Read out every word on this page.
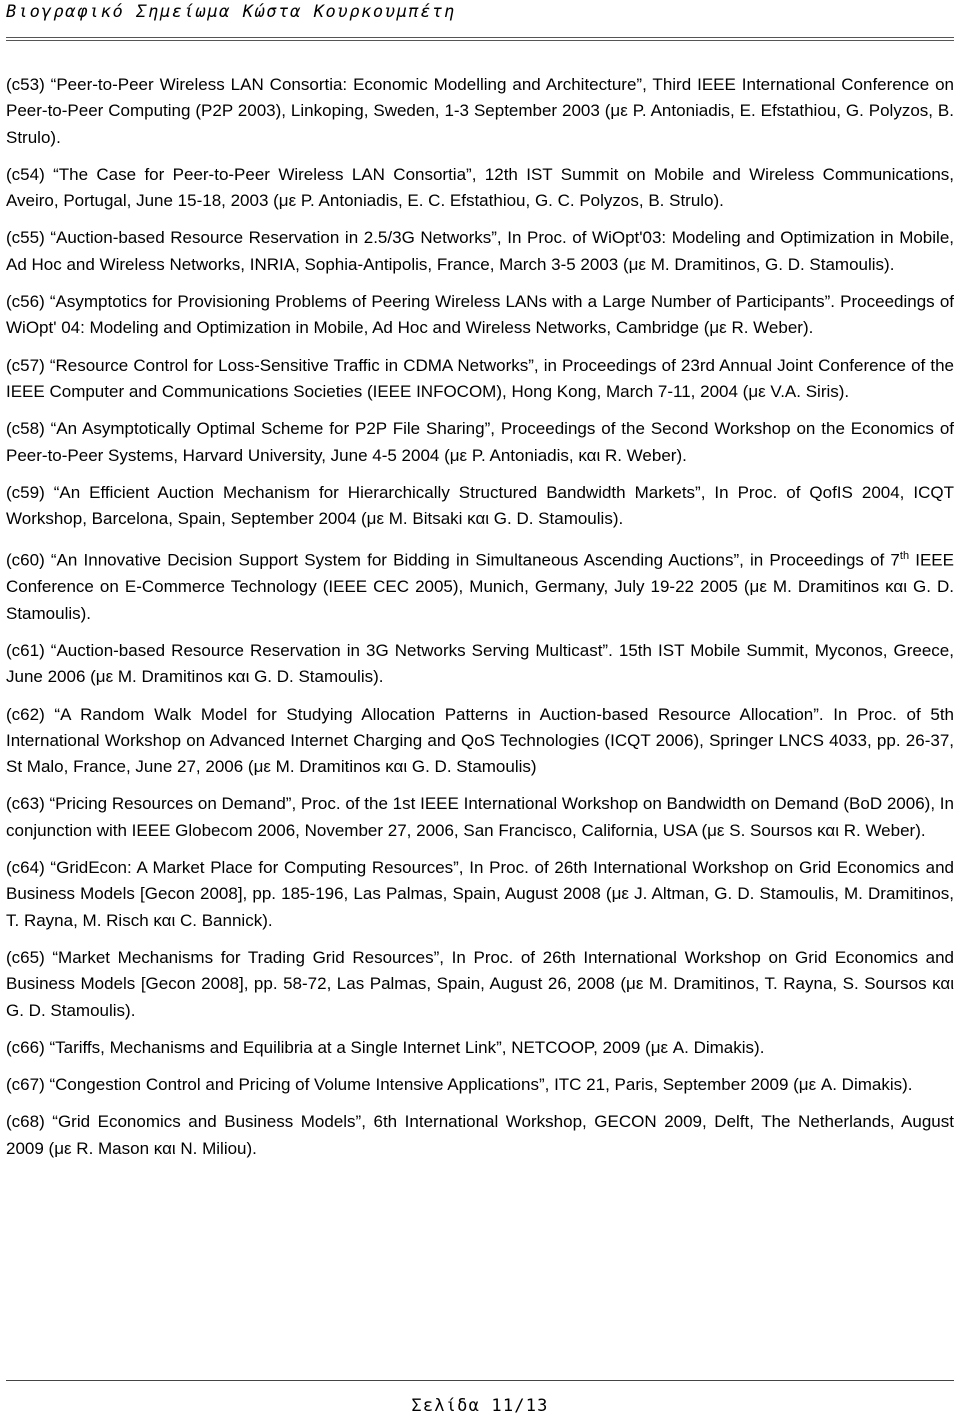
Βιογραφικό Σημείωμα Κώστα Κουρκουμπέτη

(c53) “Peer-to-Peer Wireless LAN Consortia: Economic Modelling and Architecture”, Third IEEE International Conference on Peer-to-Peer Computing (P2P 2003), Linkoping, Sweden, 1-3 September 2003 (με P. Antoniadis, E. Efstathiou, G. Polyzos, B. Strulo).

(c54) “The Case for Peer-to-Peer Wireless LAN Consortia”, 12th IST Summit on Mobile and Wireless Communications, Aveiro, Portugal, June 15-18, 2003 (με P. Antoniadis, E. C. Efstathiou, G. C. Polyzos, B. Strulo).

(c55) “Auction-based Resource Reservation in 2.5/3G Networks”, In Proc. of WiOpt'03: Modeling and Optimization in Mobile, Ad Hoc and Wireless Networks, INRIA, Sophia-Antipolis, France, March 3-5 2003 (με M. Dramitinos, G. D. Stamoulis).

(c56) “Asymptotics for Provisioning Problems of Peering Wireless LANs with a Large Number of Participants”. Proceedings of WiOpt' 04: Modeling and Optimization in Mobile, Ad Hoc and Wireless Networks, Cambridge (με R. Weber).

(c57) “Resource Control for Loss-Sensitive Traffic in CDMA Networks”, in Proceedings of 23rd Annual Joint Conference of the IEEE Computer and Communications Societies (IEEE INFOCOM), Hong Kong, March 7-11, 2004 (με V.A. Siris).

(c58) “An Asymptotically Optimal Scheme for P2P File Sharing”, Proceedings of the Second Workshop on the Economics of Peer-to-Peer Systems, Harvard University, June 4-5 2004 (με P. Antoniadis, και R. Weber).

(c59) “An Efficient Auction Mechanism for Hierarchically Structured Bandwidth Markets”, In Proc. of QofIS 2004, ICQT Workshop, Barcelona, Spain, September 2004 (με M. Bitsaki και G. D. Stamoulis).

(c60) “An Innovative Decision Support System for Bidding in Simultaneous Ascending Auctions”, in Proceedings of 7th IEEE Conference on E-Commerce Technology (IEEE CEC 2005), Munich, Germany, July 19-22 2005 (με M. Dramitinos και G. D. Stamoulis).

(c61) “Auction-based Resource Reservation in 3G Networks Serving Multicast”. 15th IST Mobile Summit, Myconos, Greece, June 2006 (με M. Dramitinos και G. D. Stamoulis).

(c62) “A Random Walk Model for Studying Allocation Patterns in Auction-based Resource Allocation”. In Proc. of 5th International Workshop on Advanced Internet Charging and QoS Technologies (ICQT 2006), Springer LNCS 4033, pp. 26-37, St Malo, France, June 27, 2006 (με M. Dramitinos και G. D. Stamoulis)

(c63) “Pricing Resources on Demand”, Proc. of the 1st IEEE International Workshop on Bandwidth on Demand (BoD 2006), In conjunction with IEEE Globecom 2006, November 27, 2006, San Francisco, California, USA (με S. Soursos και R. Weber).

(c64) “GridEcon: A Market Place for Computing Resources”, In Proc. of 26th International Workshop on Grid Economics and Business Models [Gecon 2008], pp. 185-196, Las Palmas, Spain, August 2008 (με J. Altman, G. D. Stamoulis, M. Dramitinos, T. Rayna, M. Risch και C. Bannick).

(c65) “Market Mechanisms for Trading Grid Resources”, In Proc. of 26th International Workshop on Grid Economics and Business Models [Gecon 2008], pp. 58-72, Las Palmas, Spain, August 26, 2008 (με M. Dramitinos, T. Rayna, S. Soursos και G. D. Stamoulis).

(c66) “Tariffs, Mechanisms and Equilibria at a Single Internet Link”, NETCOOP, 2009 (με A. Dimakis).

(c67) “Congestion Control and Pricing of Volume Intensive Applications”, ITC 21, Paris, September 2009 (με A. Dimakis).

(c68) “Grid Economics and Business Models”, 6th International Workshop, GECON 2009, Delft, The Netherlands, August 2009 (με R. Mason και N. Miliou).

Σελίδα 11/13
